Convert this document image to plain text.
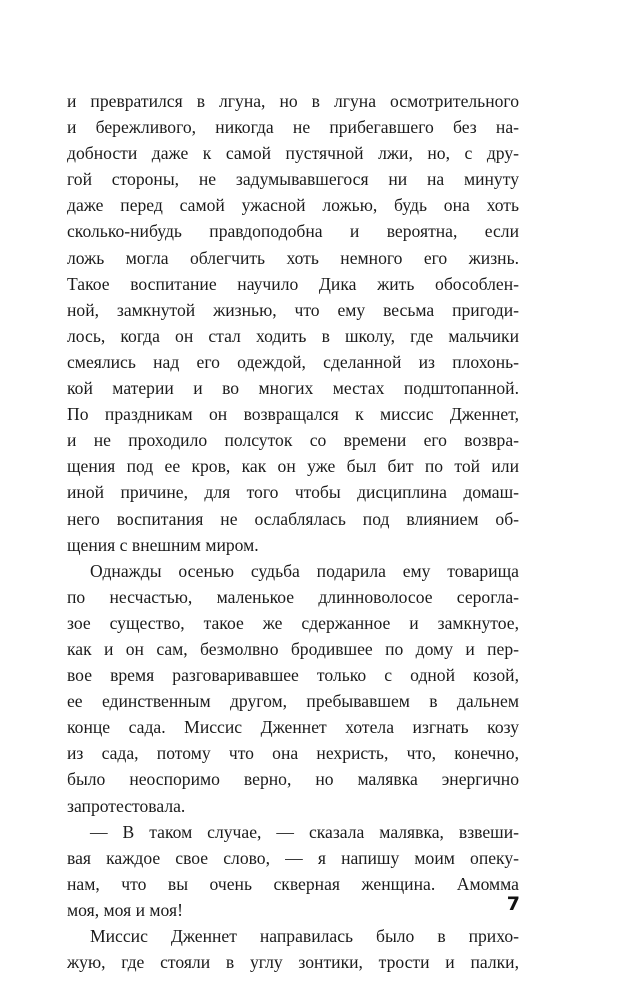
и превратился в лгуна, но в лгуна осмотрительного
и бережливого, никогда не прибегавшего без на-
добности даже к самой пустячной лжи, но, с дру-
гой стороны, не задумывавшегося ни на минуту
даже перед самой ужасной ложью, будь она хоть
сколько-нибудь правдоподобна и вероятна, если
ложь могла облегчить хоть немного его жизнь.
Такое воспитание научило Дика жить обособлен-
ной, замкнутой жизнью, что ему весьма пригоди-
лось, когда он стал ходить в школу, где мальчики
смеялись над его одеждой, сделанной из плохонь-
кой материи и во многих местах подштопанной.
По праздникам он возвращался к миссис Дженнет,
и не проходило полсуток со времени его возвра-
щения под ее кров, как он уже был бит по той или
иной причине, для того чтобы дисциплина домаш-
него воспитания не ослаблялась под влиянием об-
щения с внешним миром.
Однажды осенью судьба подарила ему товарища
по несчастью, маленькое длинноволосое серогла-
зое существо, такое же сдержанное и замкнутое,
как и он сам, безмолвно бродившее по дому и пер-
вое время разговаривавшее только с одной козой,
ее единственным другом, пребывавшем в дальнем
конце сада. Миссис Дженнет хотела изгнать козу
из сада, потому что она нехристь, что, конечно,
было неоспоримо верно, но малявка энергично
запротестовала.
— В таком случае, — сказала малявка, взвеши-
вая каждое свое слово, — я напишу моим опеку-
нам, что вы очень скверная женщина. Амомма
моя, моя и моя!
Миссис Дженнет направилась было в прихо-
жую, где стояли в углу зонтики, трости и палки,
7
